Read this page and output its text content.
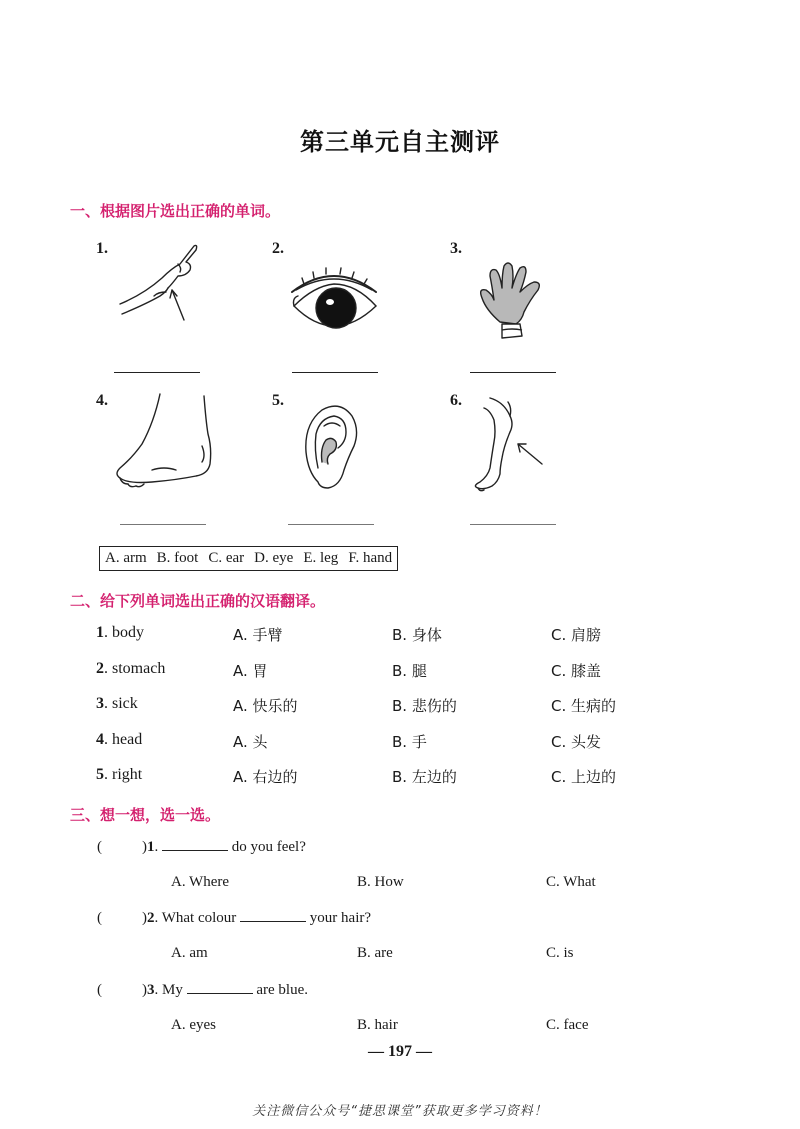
第三单元自主测评
一、根据图片选出正确的单词。
1.	2.	3.
4.	5.	6.
A. arm B. foot C. ear D. eye E. leg F. hand
二、给下列单词选出正确的汉语翻译。
1. body	A. 手臂	B. 身体	C. 肩膀
2. stomach	A. 胃	B. 腿	C. 膝盖
3. sick	A. 快乐的	B. 悲伤的	C. 生病的
4. head	A. 头	B. 手	C. 头发
5. right	A. 右边的	B. 左边的	C. 上边的
三、想一想，选一选。
(	)1.	do you feel?
A. Where	B. How	C. What
(	)2. What colour	your hair?
A. am	B. are	C. is
(	)3. My	are blue.
A. eyes	B. hair	C. face
— 197 —
关注微信公众号“捷思课堂”获取更多学习资料！
